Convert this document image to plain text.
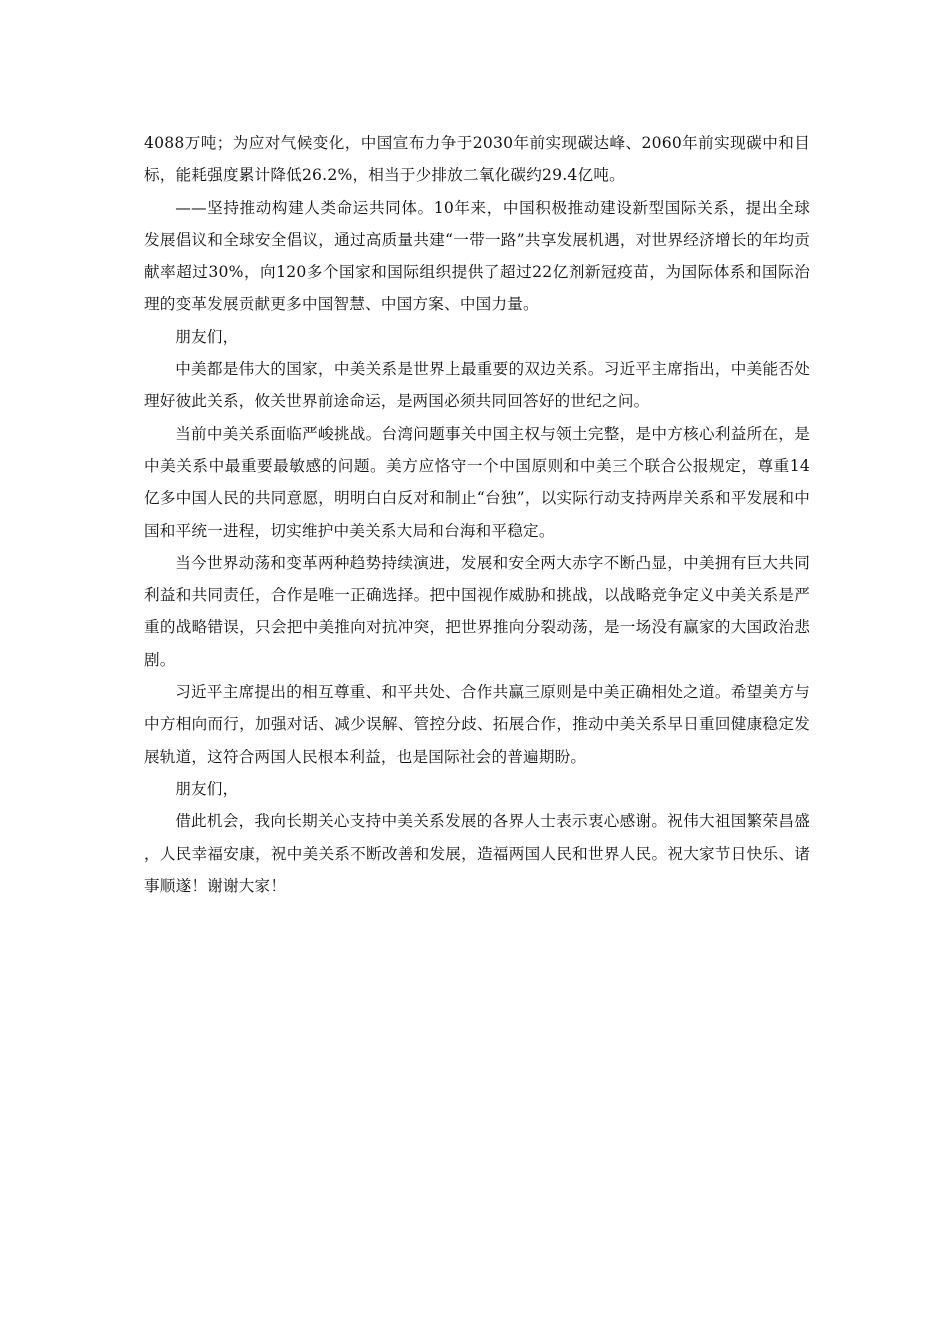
4088万吨；为应对气候变化，中国宣布力争于2030年前实现碳达峰、2060年前实现碳中和目标，能耗强度累计降低26.2%，相当于少排放二氧化碳约29.4亿吨。

——坚持推动构建人类命运共同体。10年来，中国积极推动建设新型国际关系，提出全球发展倡议和全球安全倡议，通过高质量共建“一带一路”共享发展机遇，对世界经济增长的年均贡献率超过30%，向120多个国家和国际组织提供了超过22亿剂新冠疫苗，为国际体系和国际治理的变革发展贡献更多中国智慧、中国方案、中国力量。

朋友们，

中美都是伟大的国家，中美关系是世界上最重要的双边关系。习近平主席指出，中美能否处理好彼此关系，攸关世界前途命运，是两国必须共同回答好的世纪之问。

当前中美关系面临严峻挑战。台湾问题事关中国主权与领土完整，是中方核心利益所在，是中美关系中最重要最敏感的问题。美方应恪守一个中国原则和中美三个联合公报规定，尊重14亿多中国人民的共同意愿，明明白白反对和制止“台独”，以实际行动支持两岸关系和平发展和中国和平统一进程，切实维护中美关系大局和台海和平稳定。

当今世界动荡和变革两种趋势持续演进，发展和安全两大赤字不断凸显，中美拥有巨大共同利益和共同责任，合作是唯一正确选择。把中国视作威胁和挑战，以战略竞争定义中美关系是严重的战略错误，只会把中美推向对抗冲突，把世界推向分裂动荡，是一场没有赢家的大国政治悲剧。

习近平主席提出的相互尊重、和平共处、合作共赢三原则是中美正确相处之道。希望美方与中方相向而行，加强对话、减少误解、管控分歧、拓展合作，推动中美关系早日重回健康稳定发展轨道，这符合两国人民根本利益，也是国际社会的普遍期盼。

朋友们，

借此机会，我向长期关心支持中美关系发展的各界人士表示衷心感谢。祝伟大祖国繁荣昌盛，人民幸福安康，祝中美关系不断改善和发展，造福两国人民和世界人民。祝大家节日快乐、诸事顺遂！谢谢大家！
